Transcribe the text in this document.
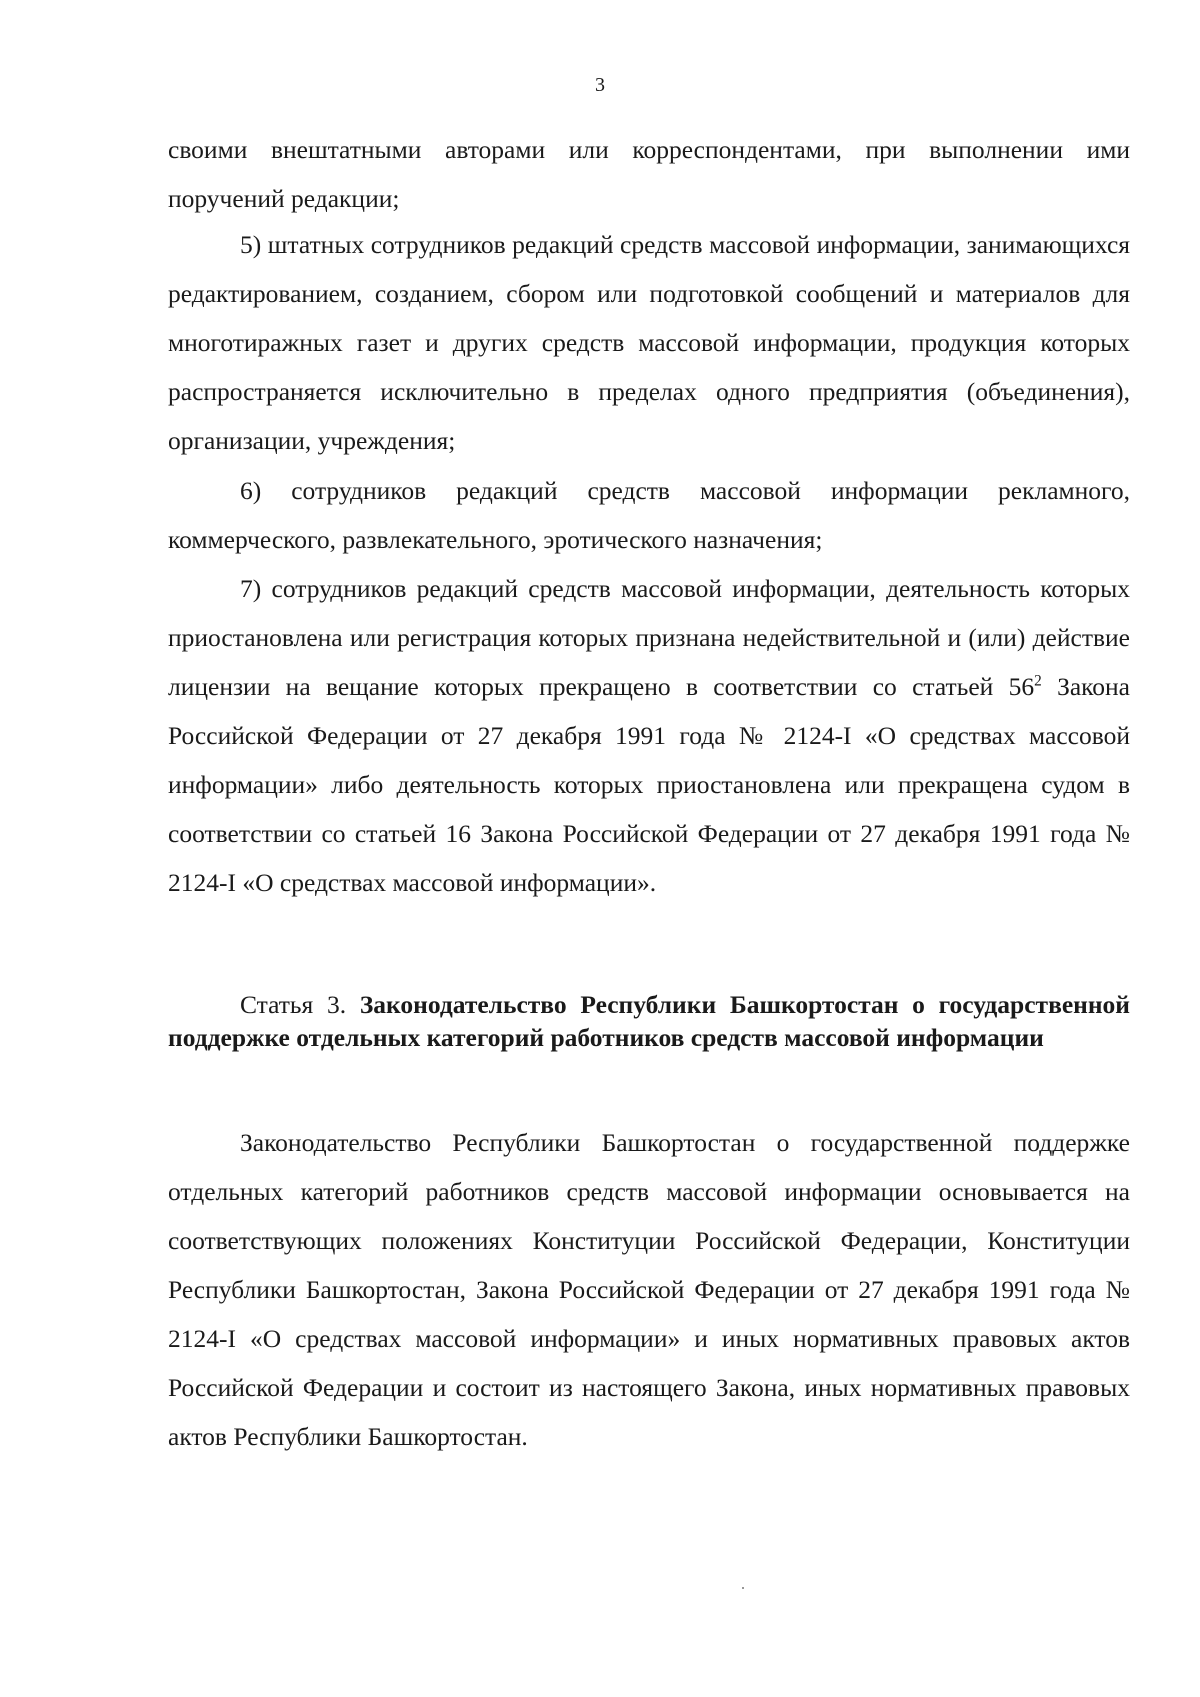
3

своими внештатными авторами или корреспондентами, при выполнении ими поручений редакции;

5) штатных сотрудников редакций средств массовой информации, занимающихся редактированием, созданием, сбором или подготовкой сообщений и материалов для многотиражных газет и других средств массовой информации, продукция которых распространяется исключительно в пределах одного предприятия (объединения), организации, учреждения;

6) сотрудников редакций средств массовой информации рекламного, коммерческого, развлекательного, эротического назначения;

7) сотрудников редакций средств массовой информации, деятельность которых приостановлена или регистрация которых признана недействительной и (или) действие лицензии на вещание которых прекращено в соответствии со статьей $56^2$ Закона Российской Федерации от 27 декабря 1991 года № 2124-I «О средствах массовой информации» либо деятельность которых приостановлена или прекращена судом в соответствии со статьей 16 Закона Российской Федерации от 27 декабря 1991 года № 2124-I «О средствах массовой информации».

Статья 3. Законодательство Республики Башкортостан о государственной поддержке отдельных категорий работников средств массовой информации

Законодательство Республики Башкортостан о государственной поддержке отдельных категорий работников средств массовой информации основывается на соответствующих положениях Конституции Российской Федерации, Конституции Республики Башкортостан, Закона Российской Федерации от 27 декабря 1991 года № 2124-I «О средствах массовой информации» и иных нормативных правовых актов Российской Федерации и состоит из настоящего Закона, иных нормативных правовых актов Республики Башкортостан.
